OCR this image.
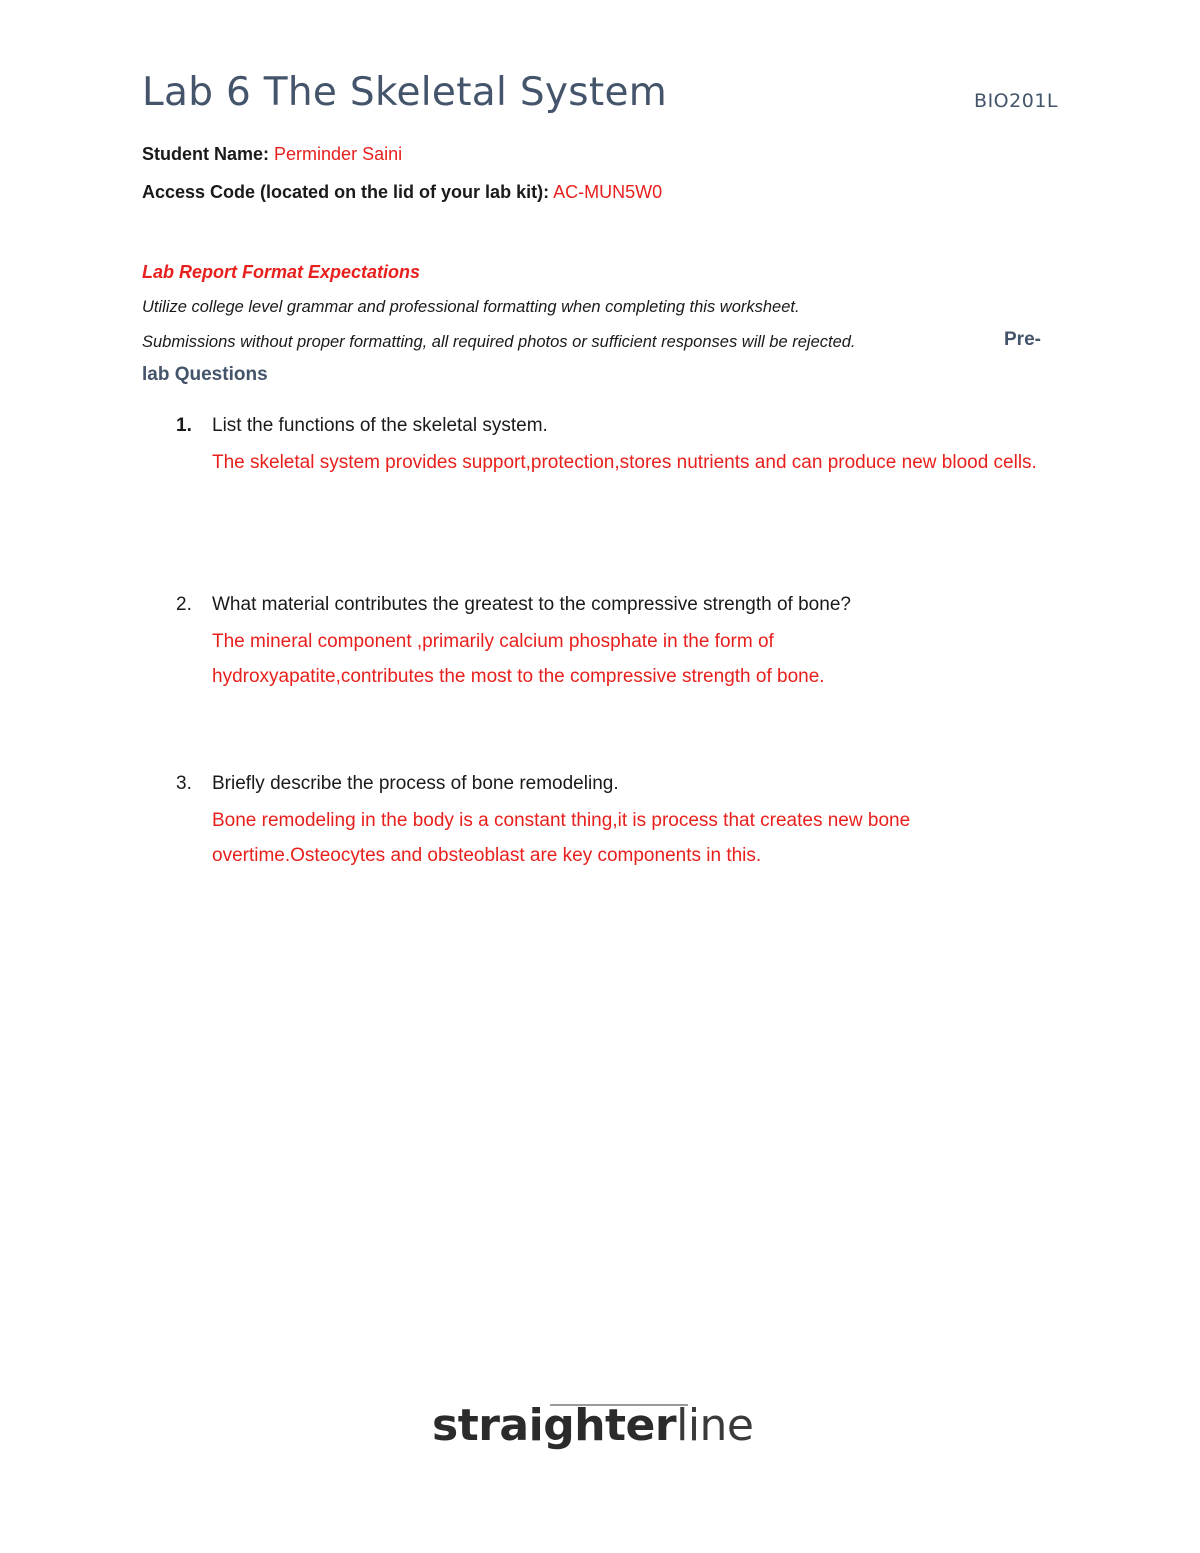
Lab 6 The Skeletal System	BIO201L
Student Name: Perminder Saini
Access Code (located on the lid of your lab kit): AC-MUN5W0
Lab Report Format Expectations
Utilize college level grammar and professional formatting when completing this worksheet.
Submissions without proper formatting, all required photos or sufficient responses will be rejected.	Pre-
lab Questions
1. List the functions of the skeletal system.
The skeletal system provides support,protection,stores nutrients and can produce new blood cells.
2. What material contributes the greatest to the compressive strength of bone?
The mineral component ,primarily calcium phosphate in the form of hydroxyapatite,contributes the most to the compressive strength of bone.
3. Briefly describe the process of bone remodeling.
Bone remodeling in the body is a constant thing,it is process that creates new bone overtime.Osteocytes and obsteoblast are key components in this.
straighterline
